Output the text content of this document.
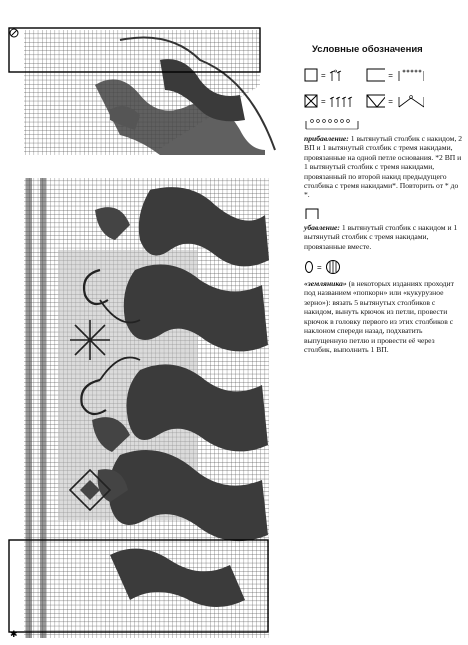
✱
Условные обозначения
=	=
=	=

прибавление: 1 вытянутый столбик с накидом, 2 ВП и 1 вытянутый столбик с тремя накидами, провязанные на одной петле основания. *2 ВП и 1 вытянутый столбик с тремя накидами, провязанный по второй накид предыдущего столбика с тремя накидами*. Повторить от * до *.

убавление: 1 вытянутый столбик с накидом и 1 вытянутый столбик с тремя накидами, провязанные вместе.

=

«земляника» (в некоторых изданиях проходит под названием «попкорн» или «кукурузное зерно»): вязать 5 вытянутых столбиков с накидом, вынуть крючок из петли, провести крючок в головку первого из этих столбиков с наклоном спереди назад, подхватить выпущенную петлю и провести её через столбик, выполнить 1 ВП.
